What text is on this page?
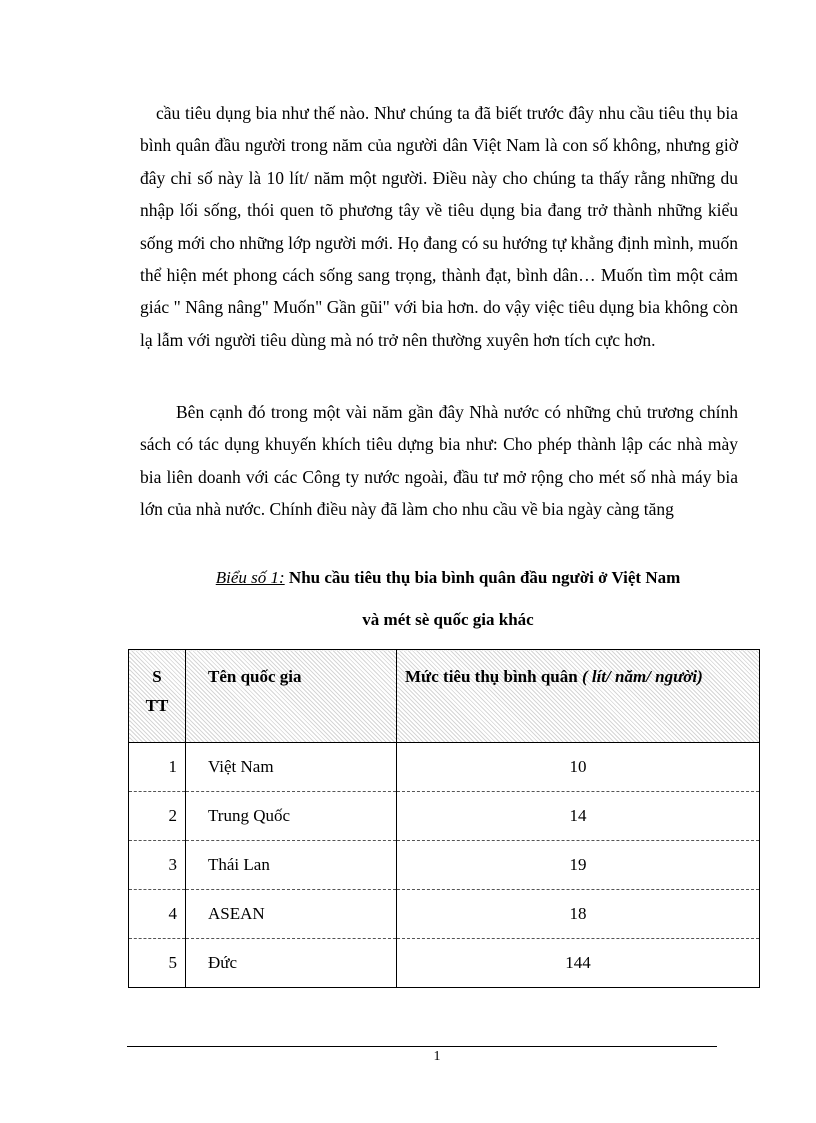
cầu tiêu dụng bia như thế nào. Như chúng ta đã biết trước đây nhu cầu tiêu thụ bia bình quân đầu người trong năm của người dân Việt Nam là con số không, nhưng giờ đây chỉ số này là 10 lít/ năm một người. Điều này cho chúng ta thấy rằng những du nhập lối sống, thói quen tõ phương tây về tiêu dụng bia đang trở thành những kiểu sống mới cho những lớp người mới. Họ đang có su hướng tự khẳng định mình, muốn thể hiện mét phong cách sống sang trọng, thành đạt, bình dân… Muốn tìm một cảm giác " Nâng nâng" Muốn" Gần gũi" với bia hơn. do vậy việc tiêu dụng bia không còn lạ lẫm với người tiêu dùng mà nó trở nên thường xuyên hơn tích cực hơn.

Bên cạnh đó trong một vài năm gần đây Nhà nước có những chủ trương chính sách có tác dụng khuyến khích tiêu dựng bia như: Cho phép thành lập các nhà mày bia liên doanh với các Công ty nước ngoài, đầu tư mở rộng cho mét số nhà máy bia lớn của nhà nước. Chính điều này đã làm cho nhu cầu về bia ngày càng tăng

Biểu số 1: Nhu cầu tiêu thụ bia bình quân đầu người ở Việt Nam

và mét sè quốc gia khác

S
TT	Tên quốc gia	Mức tiêu thụ bình quân ( lít/ năm/ người)
1	Việt Nam	10
2	Trung Quốc	14
3	Thái Lan	19
4	ASEAN	18
5	Đức	144
1
